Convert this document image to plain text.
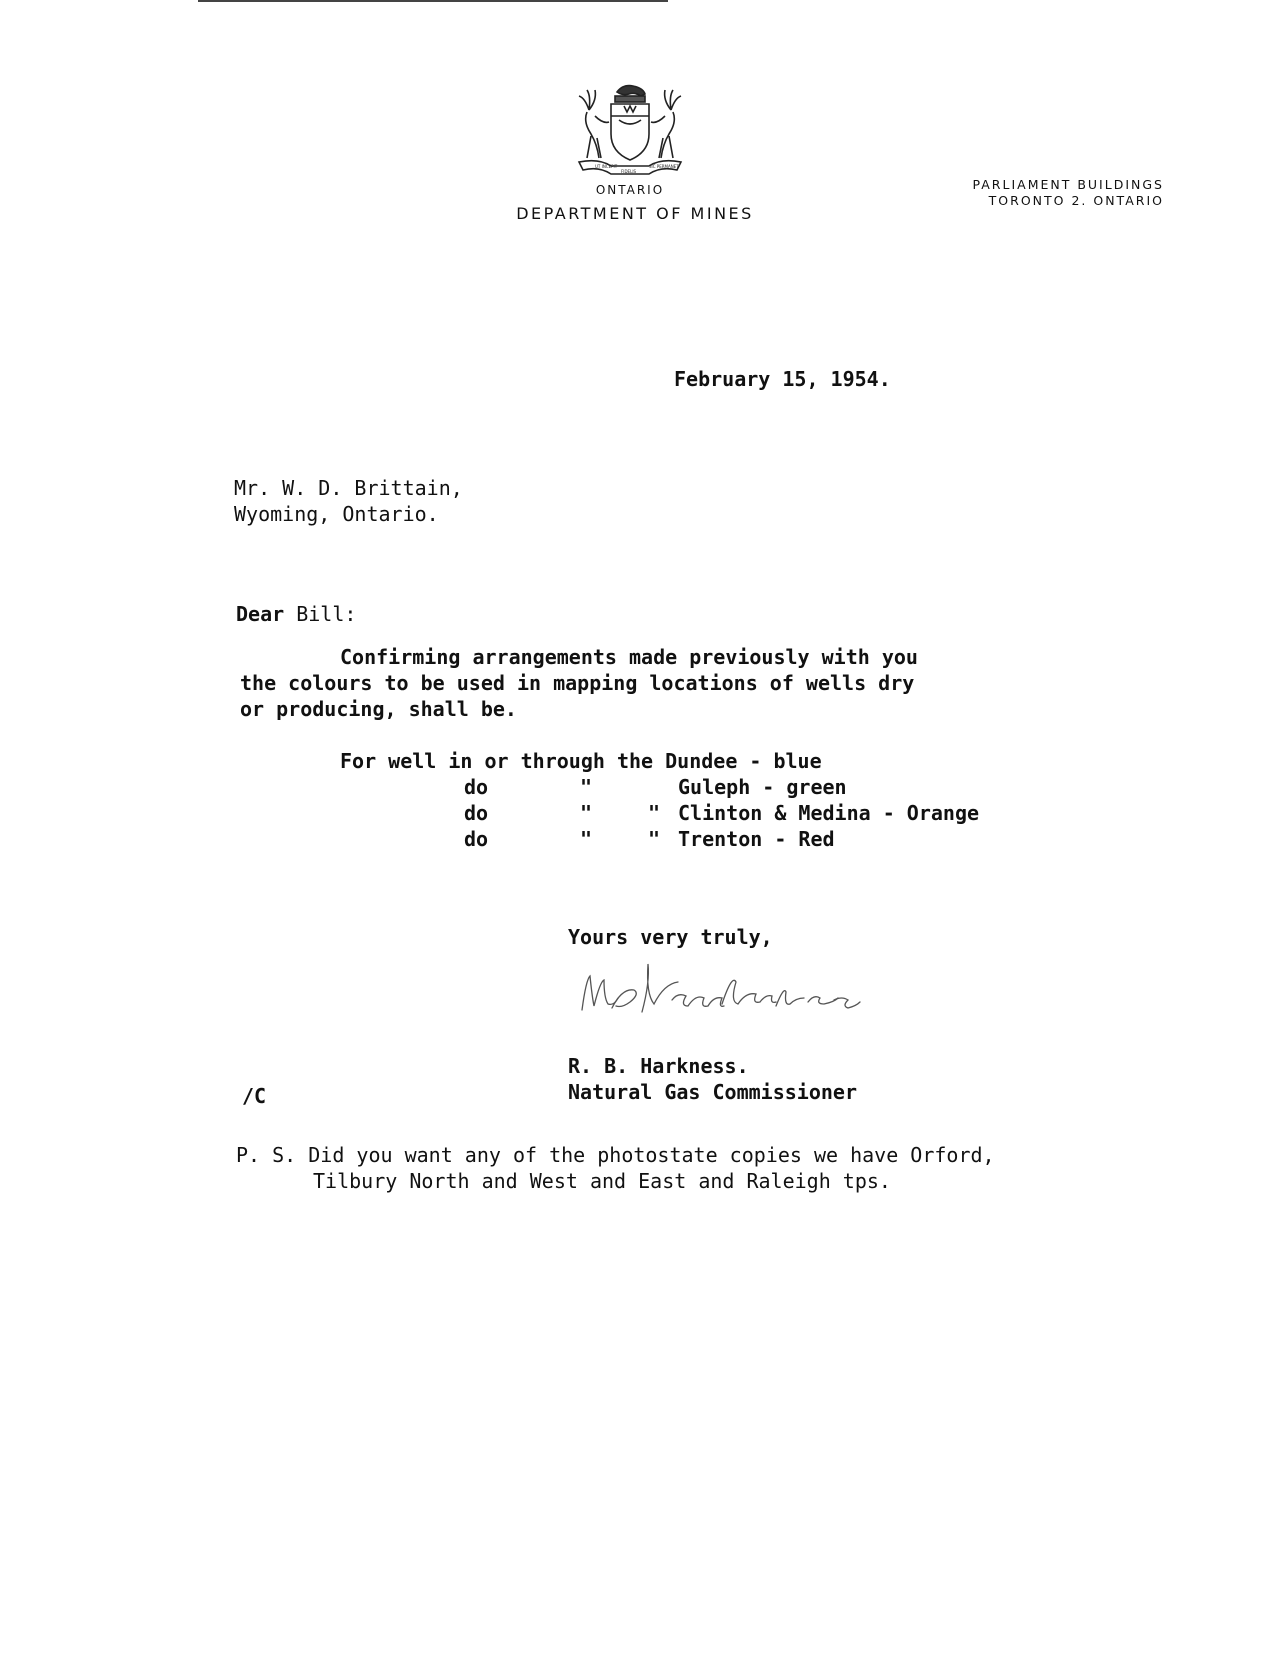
UT INCEPIT
FIDELIS
SIC PERMANET
ONTARIO
DEPARTMENT OF MINES
PARLIAMENT BUILDINGS
TORONTO 2. ONTARIO
February 15, 1954.
Mr. W. D. Brittain,
Wyoming, Ontario.
Dear Bill:
Confirming arrangements made previously with you
the colours to be used in mapping locations of wells dry
or producing, shall be.
For well in or through the Dundee - blue
do	"	Guleph - green
do	"	" Clinton & Medina - Orange
do	"	" Trenton - Red
Yours very truly,
R. B. Harkness.
Natural Gas Commissioner
/C
P. S. Did you want any of the photostate copies we have Orford,
Tilbury North and West and East and Raleigh tps.
